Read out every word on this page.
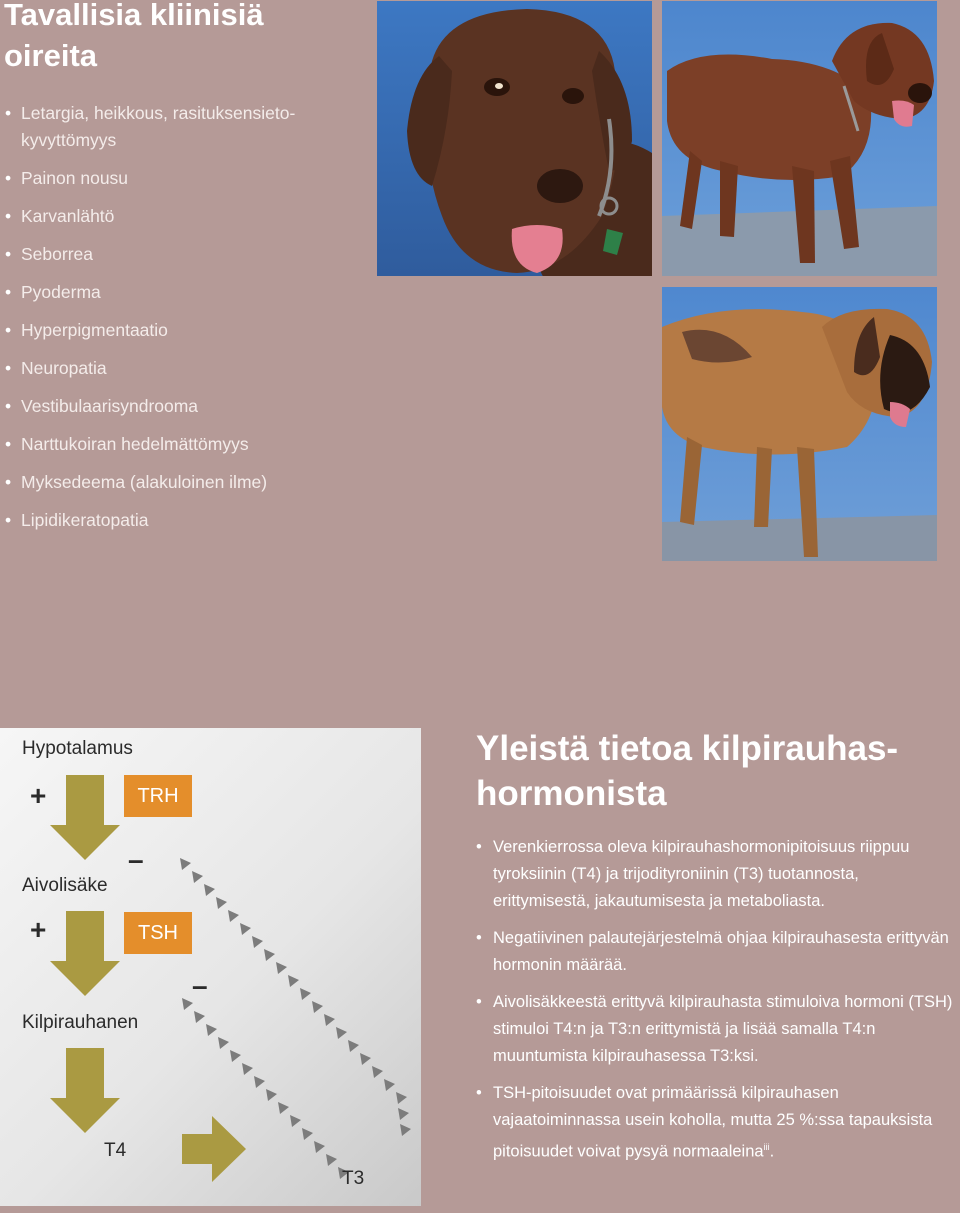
Tavallisia kliinisiä oireita
• Letargia, heikkous, rasituksensieto-kyvyttömyys
• Painon nousu
• Karvanlähtö
• Seborrea
• Pyoderma
• Hyperpigmentaatio
• Neuropatia
• Vestibulaarisyndrooma
• Narttukoiran hedelmättömyys
• Myksedeema (alakuloinen ilme)
• Lipidikeratopatia
Hypotalamus
+	TRH
–
Aivolisäke
+	TSH
–
Kilpirauhanen
T4
T3
Yleistä tietoa kilpirauhas-hormonista
• Verenkierrossa oleva kilpirauhashormonipitoisuus riippuu tyroksiinin (T4) ja trijodityroniinin (T3) tuotannosta, erittymisestä, jakautumisesta ja metaboliasta.
• Negatiivinen palautejärjestelmä ohjaa kilpirauhasesta erittyvän hormonin määrää.
• Aivolisäkkeestä erittyvä kilpirauhasta stimuloiva hormoni (TSH) stimuloi T4:n ja T3:n erittymistä ja lisää samalla T4:n muuntumista kilpirauhasessa T3:ksi.
• TSH-pitoisuudet ovat primäärissä kilpirauhasen vajaatoiminnassa usein koholla, mutta 25 %:ssa tapauksista pitoisuudet voivat pysyä normaaleina$^{iii}$.
